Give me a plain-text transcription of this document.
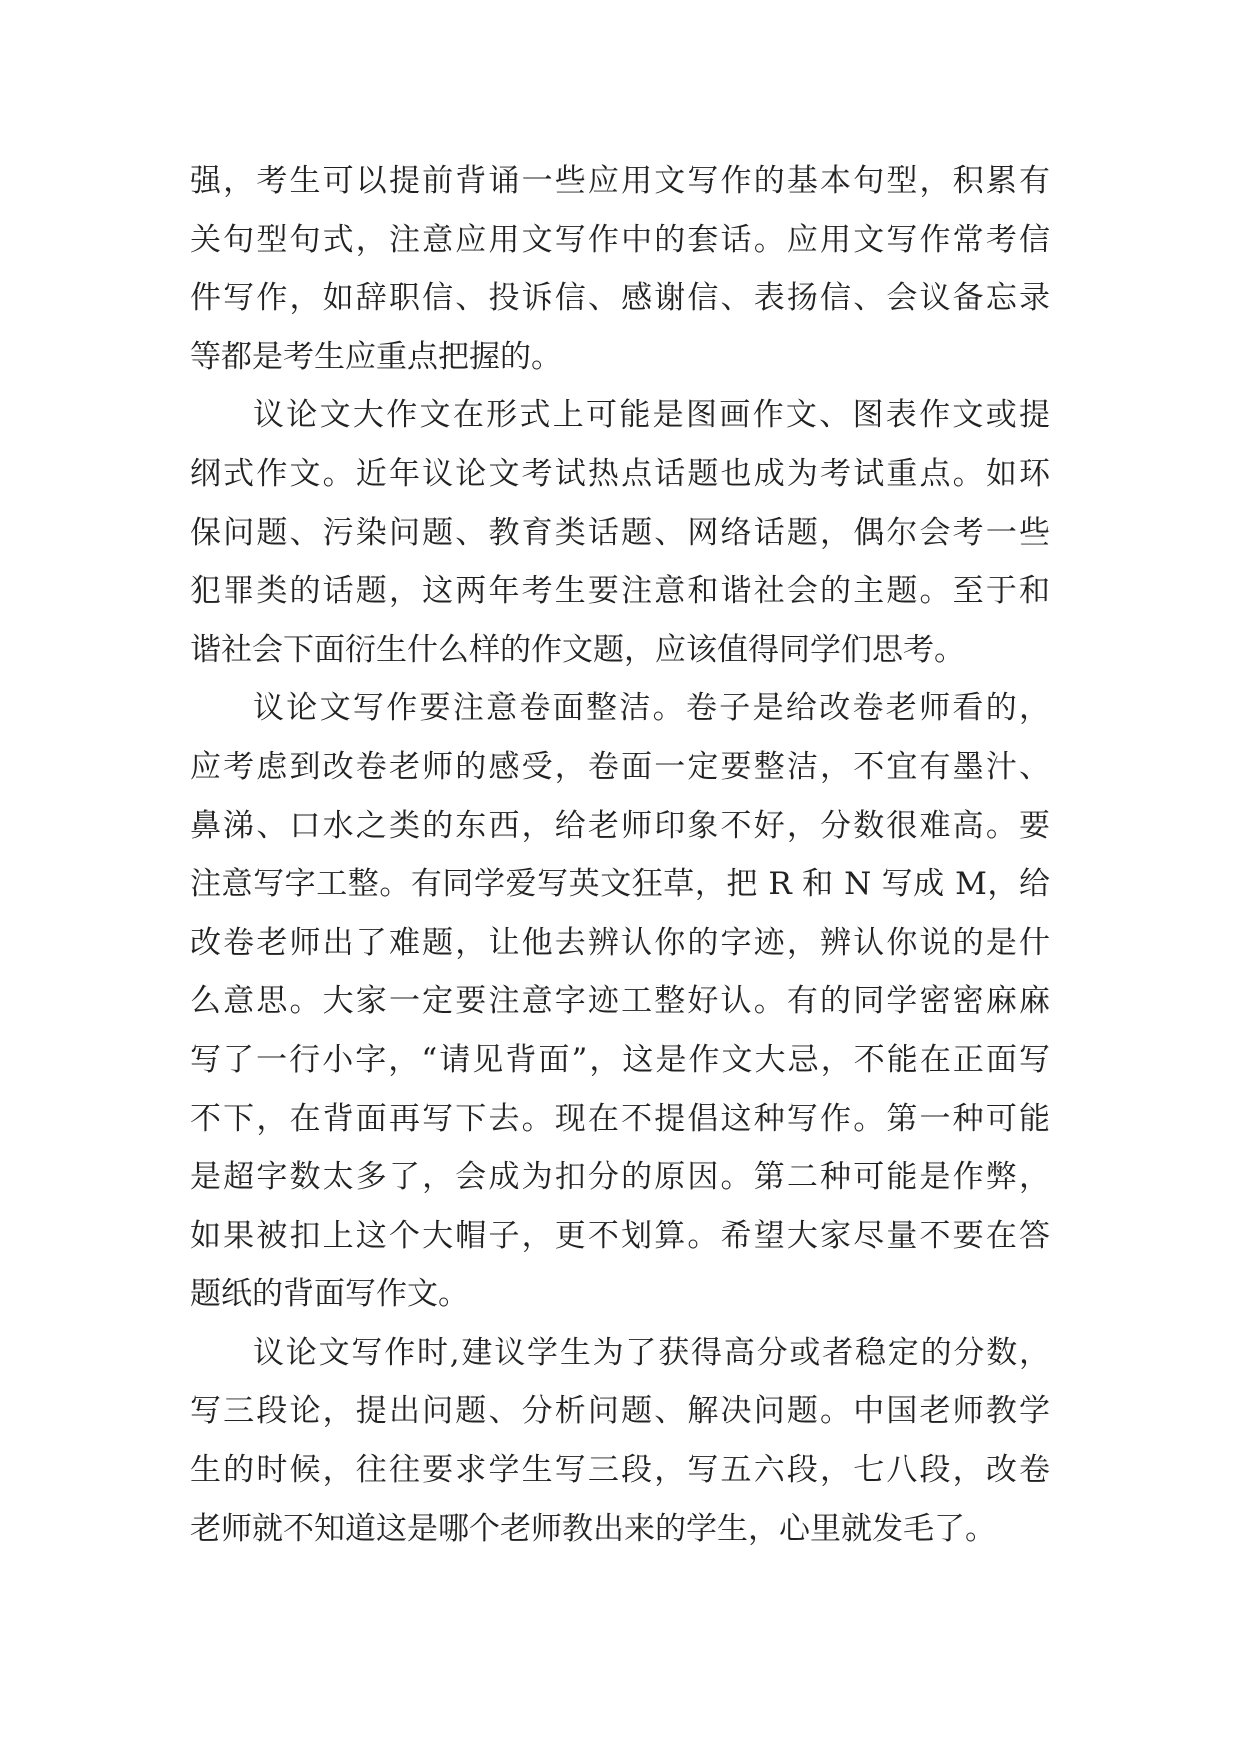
强，考生可以提前背诵一些应用文写作的基本句型，积累有
关句型句式，注意应用文写作中的套话。应用文写作常考信
件写作，如辞职信、投诉信、感谢信、表扬信、会议备忘录
等都是考生应重点把握的。
议论文大作文在形式上可能是图画作文、图表作文或提
纲式作文。近年议论文考试热点话题也成为考试重点。如环
保问题、污染问题、教育类话题、网络话题，偶尔会考一些
犯罪类的话题，这两年考生要注意和谐社会的主题。至于和
谐社会下面衍生什么样的作文题，应该值得同学们思考。
议论文写作要注意卷面整洁。卷子是给改卷老师看的，
应考虑到改卷老师的感受，卷面一定要整洁，不宜有墨汁、
鼻涕、口水之类的东西，给老师印象不好，分数很难高。要
注意写字工整。有同学爱写英文狂草，把 R 和 N 写成 M，给
改卷老师出了难题，让他去辨认你的字迹，辨认你说的是什
么意思。大家一定要注意字迹工整好认。有的同学密密麻麻
写了一行小字，“请见背面”，这是作文大忌，不能在正面写
不下，在背面再写下去。现在不提倡这种写作。第一种可能
是超字数太多了，会成为扣分的原因。第二种可能是作弊，
如果被扣上这个大帽子，更不划算。希望大家尽量不要在答
题纸的背面写作文。
议论文写作时,建议学生为了获得高分或者稳定的分数，
写三段论，提出问题、分析问题、解决问题。中国老师教学
生的时候，往往要求学生写三段，写五六段，七八段，改卷
老师就不知道这是哪个老师教出来的学生，心里就发毛了。
